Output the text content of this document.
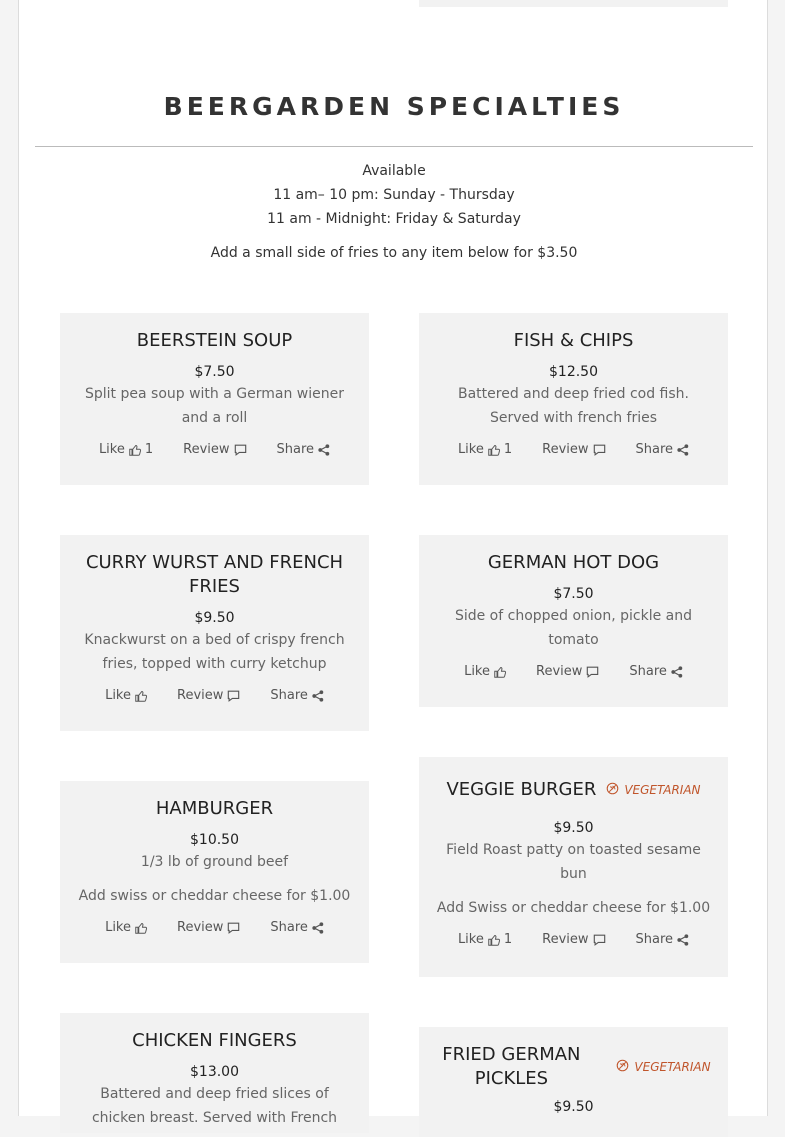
BEERGARDEN SPECIALTIES
Available
11 am– 10 pm: Sunday - Thursday
11 am - Midnight: Friday & Saturday
Add a small side of fries to any item below for $3.50
BEERSTEIN SOUP
$7.50
Split pea soup with a German wiener and a roll
Like 1 Review	Share
FISH & CHIPS
$12.50
Battered and deep fried cod fish. Served with french fries
Like 1 Review	Share
CURRY WURST AND FRENCH FRIES
$9.50
Knackwurst on a bed of crispy french fries, topped with curry ketchup
Like	Review	Share
GERMAN HOT DOG
$7.50
Side of chopped onion, pickle and tomato
Like	Review	Share
HAMBURGER
$10.50
1/3 lb of ground beef
Add swiss or cheddar cheese for $1.00
Like	Review	Share
VEGGIE BURGER VEGETARIAN
$9.50
Field Roast patty on toasted sesame bun
Add Swiss or cheddar cheese for $1.00
Like 1 Review	Share
CHICKEN FINGERS
$13.00
Battered and deep fried slices of chicken breast. Served with French
FRIED GERMAN PICKLES
VEGETARIAN
$9.50
